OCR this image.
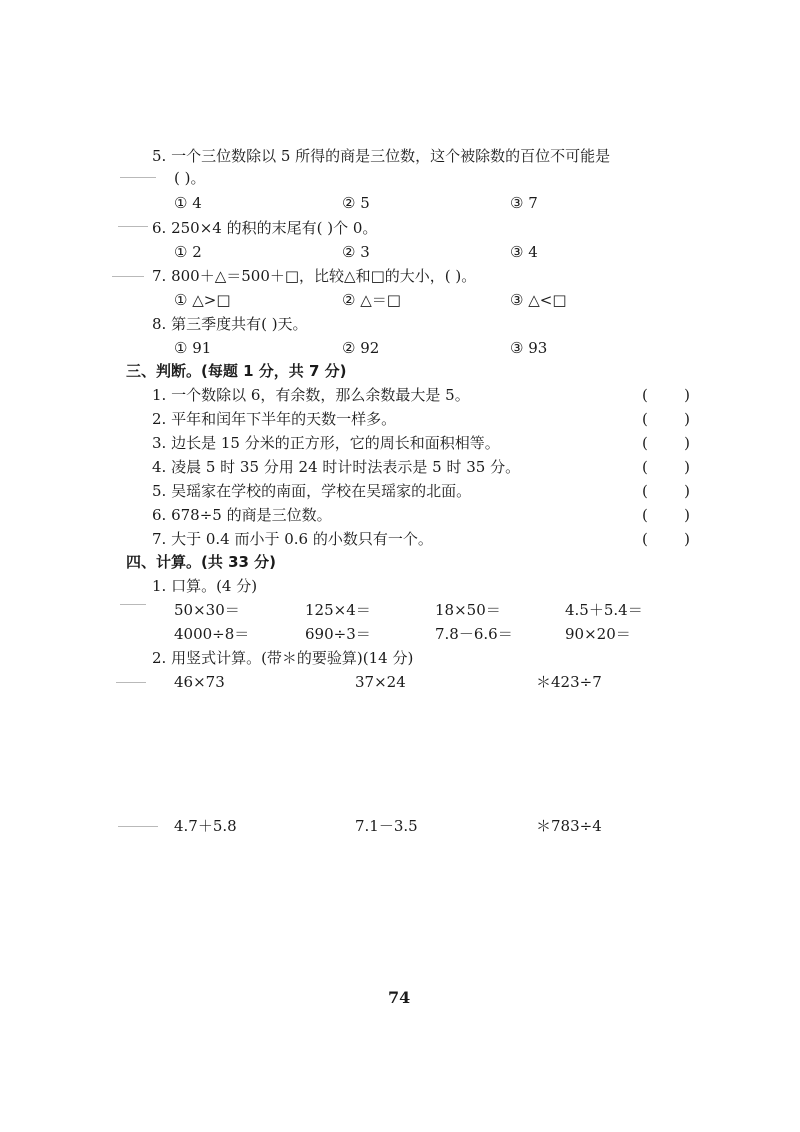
5. 一个三位数除以 5 所得的商是三位数，这个被除数的百位不可能是
( )。
① 4	② 5	③ 7
6. 250×4 的积的末尾有( )个 0。
① 2	② 3	③ 4
7. 800＋△＝500＋□，比较△和□的大小，( )。
① △>□	② △＝□	③ △<□
8. 第三季度共有( )天。
① 91	② 92	③ 93
三、判断。(每题 1 分，共 7 分)
1. 一个数除以 6，有余数，那么余数最大是 5。	( )
2. 平年和闰年下半年的天数一样多。	( )
3. 边长是 15 分米的正方形，它的周长和面积相等。	( )
4. 凌晨 5 时 35 分用 24 时计时法表示是 5 时 35 分。	( )
5. 吴瑶家在学校的南面，学校在吴瑶家的北面。	( )
6. 678÷5 的商是三位数。	( )
7. 大于 0.4 而小于 0.6 的小数只有一个。	( )
四、计算。(共 33 分)
1. 口算。(4 分)
50×30＝	125×4＝	18×50＝	4.5＋5.4＝
4000÷8＝	690÷3＝	7.8－6.6＝	90×20＝
2. 用竖式计算。(带＊的要验算)(14 分)
46×73	37×24	＊423÷7
4.7＋5.8	7.1－3.5	＊783÷4
74
